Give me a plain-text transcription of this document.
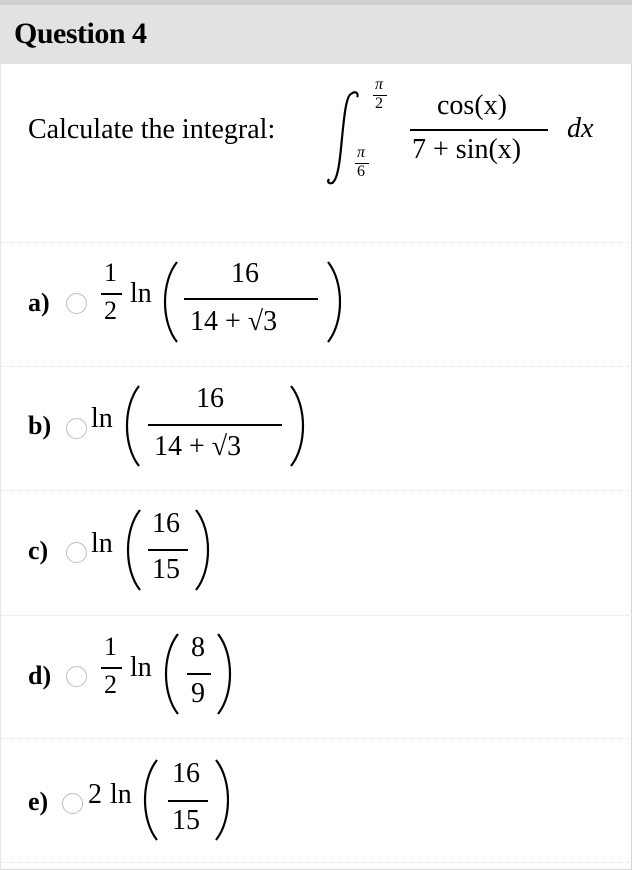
Question 4
Calculate the integral:
π
2
π
6
cos(x)
7 + sin(x)
dx
a)
1
2
ln
16
14 + √3
b) ln
16
14 + √3
c) ln
16
15
d)
1
2
ln
8
9
e) 2 ln
16
15
